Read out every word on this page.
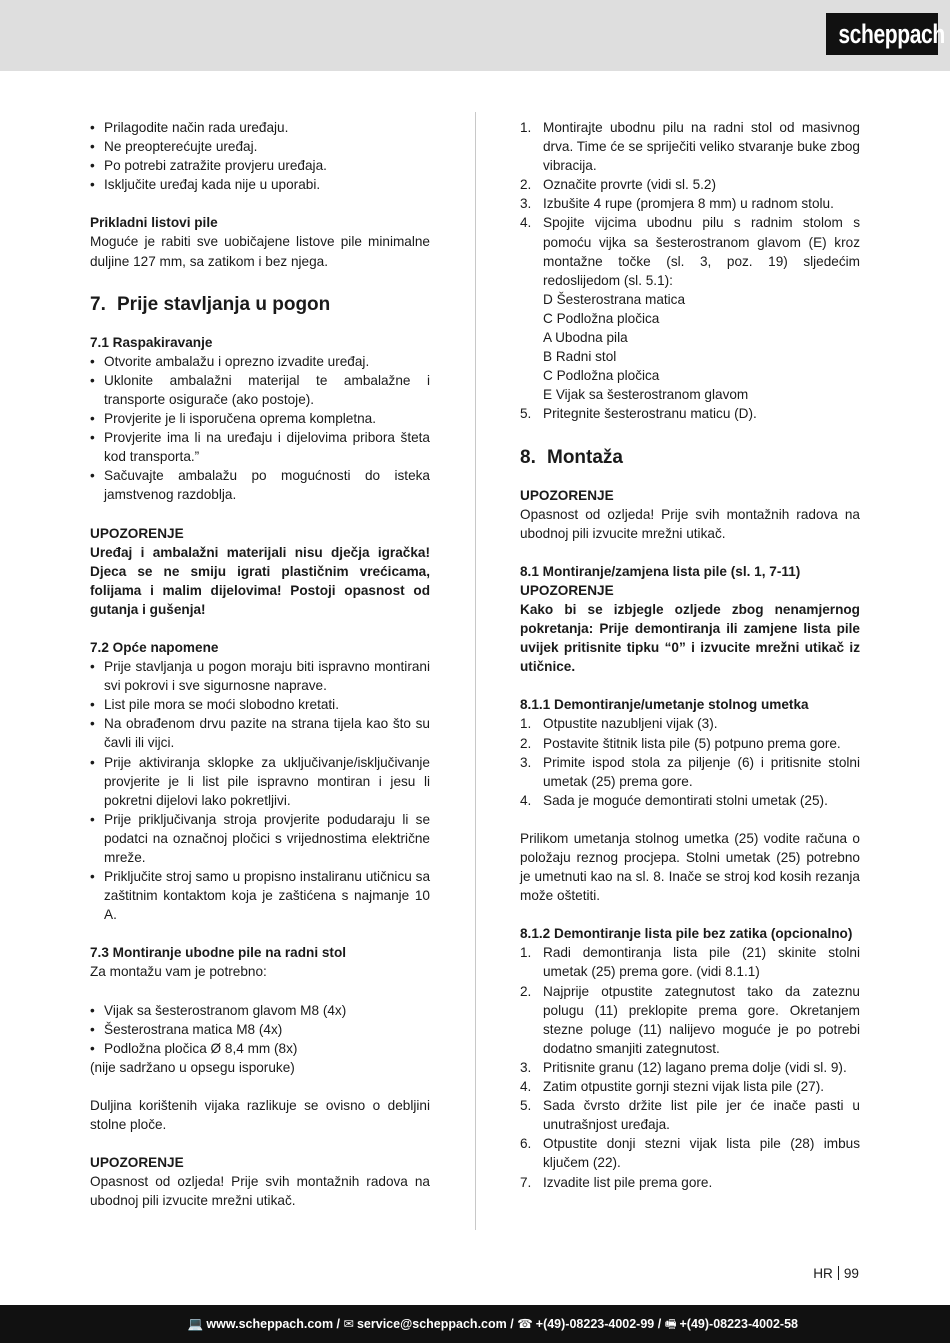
scheppach
• Prilagodite način rada uređaju.
• Ne preopterećujte uređaj.
• Po potrebi zatražite provjeru uređaja.
• Isključite uređaj kada nije u uporabi.

Prikladni listovi pile

Moguće je rabiti sve uobičajene listove pile minimalne duljine 127 mm, sa zatikom i bez njega.

7. Prije stavljanja u pogon

7.1 Raspakiravanje

• Otvorite ambalažu i oprezno izvadite uređaj.
• Uklonite ambalažni materijal te ambalažne i transporte osigurače (ako postoje).
• Provjerite je li isporučena oprema kompletna.
• Provjerite ima li na uređaju i dijelovima pribora šteta kod transporta.”
• Sačuvajte ambalažu po mogućnosti do isteka jamstvenog razdoblja.

UPOZORENJE

Uređaj i ambalažni materijali nisu dječja igračka! Djeca se ne smiju igrati plastičnim vrećicama, folijama i malim dijelovima! Postoji opasnost od gutanja i gušenja!

7.2 Opće napomene

• Prije stavljanja u pogon moraju biti ispravno montirani svi pokrovi i sve sigurnosne naprave.
• List pile mora se moći slobodno kretati.
• Na obrađenom drvu pazite na strana tijela kao što su čavli ili vijci.
• Prije aktiviranja sklopke za uključivanje/isključivanje provjerite je li list pile ispravno montiran i jesu li pokretni dijelovi lako pokretljivi.
• Prije priključivanja stroja provjerite podudaraju li se podatci na označnoj pločici s vrijednostima električne mreže.
• Priključite stroj samo u propisno instaliranu utičnicu sa zaštitnim kontaktom koja je zaštićena s najmanje 10 A.

7.3 Montiranje ubodne pile na radni stol

Za montažu vam je potrebno:

• Vijak sa šesterostranom glavom M8 (4x)
• Šesterostrana matica M8 (4x)
• Podložna pločica Ø 8,4 mm (8x)

(nije sadržano u opsegu isporuke)

Duljina korištenih vijaka razlikuje se ovisno o debljini stolne ploče.

UPOZORENJE

Opasnost od ozljeda! Prije svih montažnih radova na ubodnoj pili izvucite mrežni utikač.

1. Montirajte ubodnu pilu na radni stol od masivnog drva. Time će se spriječiti veliko stvaranje buke zbog vibracija.
2. Označite provrte (vidi sl. 5.2)
3. Izbušite 4 rupe (promjera 8 mm) u radnom stolu.
4. Spojite vijcima ubodnu pilu s radnim stolom s pomoću vijka sa šesterostranom glavom (E) kroz montažne točke (sl. 3, poz. 19) sljedećim redoslijedom (sl. 5.1):

D Šesterostrana matica

C Podložna pločica

A Ubodna pila

B Radni stol

C Podložna pločica

E Vijak sa šesterostranom glavom

5. Pritegnite šesterostranu maticu (D).
8. Montaža

UPOZORENJE

Opasnost od ozljeda! Prije svih montažnih radova na ubodnoj pili izvucite mrežni utikač.

8.1 Montiranje/zamjena lista pile (sl. 1, 7-11)

UPOZORENJE

Kako bi se izbjegle ozljede zbog nenamjernog pokretanja: Prije demontiranja ili zamjene lista pile uvijek pritisnite tipku “0” i izvucite mrežni utikač iz utičnice.

8.1.1 Demontiranje/umetanje stolnog umetka

1. Otpustite nazubljeni vijak (3).
2. Postavite štitnik lista pile (5) potpuno prema gore.
3. Primite ispod stola za piljenje (6) i pritisnite stolni umetak (25) prema gore.
4. Sada je moguće demontirati stolni umetak (25).

Prilikom umetanja stolnog umetka (25) vodite računa o položaju reznog procjepa. Stolni umetak (25) potrebno je umetnuti kao na sl. 8. Inače se stroj kod kosih rezanja može oštetiti.

8.1.2 Demontiranje lista pile bez zatika (opcionalno)

1. Radi demontiranja lista pile (21) skinite stolni umetak (25) prema gore. (vidi 8.1.1)
2. Najprije otpustite zategnutost tako da zateznu polugu (11) preklopite prema gore. Okretanjem stezne poluge (11) nalijevo moguće je po potrebi dodatno smanjiti zategnutost.
3. Pritisnite granu (12) lagano prema dolje (vidi sl. 9).
4. Zatim otpustite gornji stezni vijak lista pile (27).
5. Sada čvrsto držite list pile jer će inače pasti u unutrašnjost uređaja.
6. Otpustite donji stezni vijak lista pile (28) imbus ključem (22).
7. Izvadite list pile prema gore.
HR 99
💻 www.scheppach.com / ✉ service@scheppach.com / ☎ +(49)-08223-4002-99 / 🖷 +(49)-08223-4002-58
